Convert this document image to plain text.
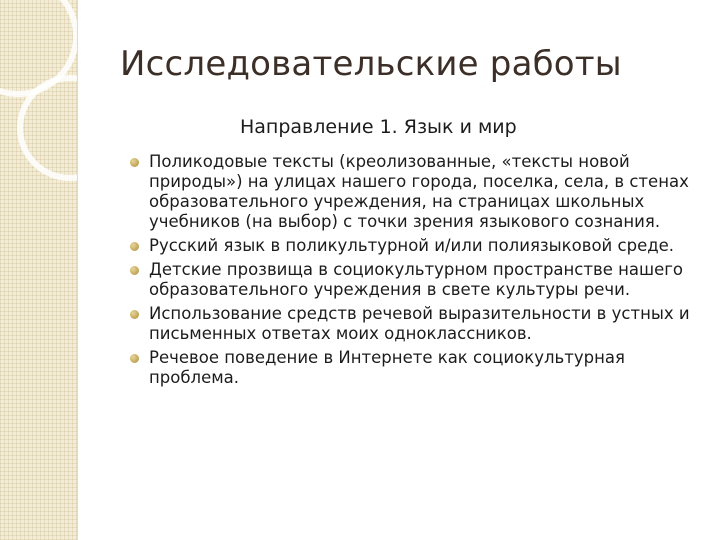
Исследовательские работы
Направление 1. Язык и мир
Поликодовые тексты (креолизованные, «тексты новой природы») на улицах нашего города, поселка, села, в стенах образовательного учреждения, на страницах школьных учебников (на выбор) с точки зрения языкового сознания.
Русский язык в поликультурной и/или полиязыковой среде.
Детские прозвища в социокультурном пространстве нашего образовательного учреждения в свете культуры речи.
Использование средств речевой выразительности в устных и письменных ответах моих одноклассников.
Речевое поведение в Интернете как социокультурная проблема.
